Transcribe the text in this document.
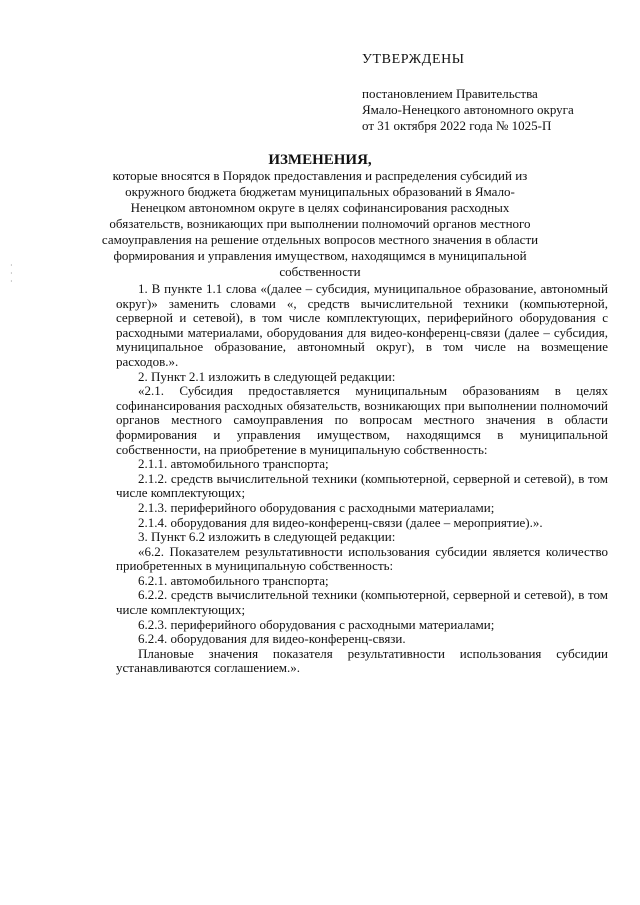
·
·
·
УТВЕРЖДЕНЫ
постановлением Правительства
Ямало-Ненецкого автономного округа
от 31 октября 2022 года № 1025-П
ИЗМЕНЕНИЯ,
которые вносятся в Порядок предоставления и распределения субсидий из окружного бюджета бюджетам муниципальных образований в Ямало-Ненецком автономном округе в целях софинансирования расходных обязательств, возникающих при выполнении полномочий органов местного самоуправления на решение отдельных вопросов местного значения в области формирования и управления имуществом, находящимся в муниципальной собственности

1. В пункте 1.1 слова «(далее – субсидия, муниципальное образование, автономный округ)» заменить словами «, средств вычислительной техники (компьютерной, серверной и сетевой), в том числе комплектующих, периферийного оборудования с расходными материалами, оборудования для видео-конференц-связи (далее – субсидия, муниципальное образование, автономный округ), в том числе на возмещение расходов.».

2. Пункт 2.1 изложить в следующей редакции:

«2.1. Субсидия предоставляется муниципальным образованиям в целях софинансирования расходных обязательств, возникающих при выполнении полномочий органов местного самоуправления по вопросам местного значения в области формирования и управления имуществом, находящимся в муниципальной собственности, на приобретение в муниципальную собственность:

2.1.1. автомобильного транспорта;

2.1.2. средств вычислительной техники (компьютерной, серверной и сетевой), в том числе комплектующих;

2.1.3. периферийного оборудования с расходными материалами;

2.1.4. оборудования для видео-конференц-связи (далее – мероприятие).».

3. Пункт 6.2 изложить в следующей редакции:

«6.2. Показателем результативности использования субсидии является количество приобретенных в муниципальную собственность:

6.2.1. автомобильного транспорта;

6.2.2. средств вычислительной техники (компьютерной, серверной и сетевой), в том числе комплектующих;

6.2.3. периферийного оборудования с расходными материалами;

6.2.4. оборудования для видео-конференц-связи.

Плановые значения показателя результативности использования субсидии устанавливаются соглашением.».
